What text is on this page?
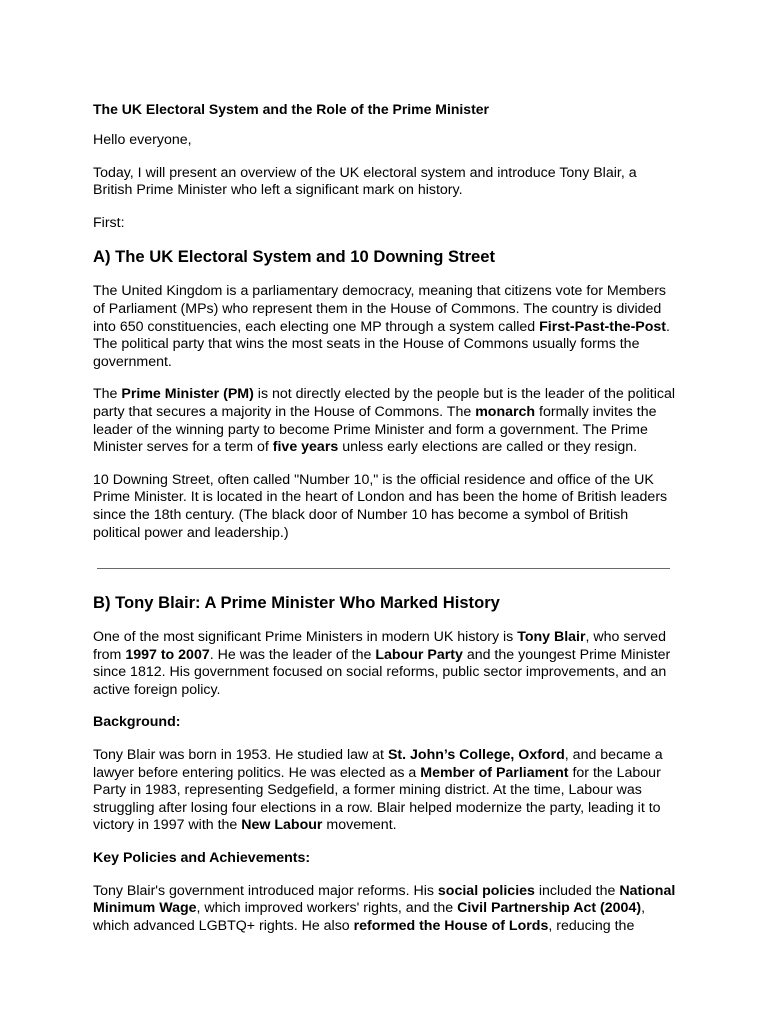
The UK Electoral System and the Role of the Prime Minister

Hello everyone,

Today, I will present an overview of the UK electoral system and introduce Tony Blair, a British Prime Minister who left a significant mark on history.

First:

A) The UK Electoral System and 10 Downing Street

The United Kingdom is a parliamentary democracy, meaning that citizens vote for Members of Parliament (MPs) who represent them in the House of Commons. The country is divided into 650 constituencies, each electing one MP through a system called First-Past-the-Post. The political party that wins the most seats in the House of Commons usually forms the government.

The Prime Minister (PM) is not directly elected by the people but is the leader of the political party that secures a majority in the House of Commons. The monarch formally invites the leader of the winning party to become Prime Minister and form a government. The Prime Minister serves for a term of five years unless early elections are called or they resign.

10 Downing Street, often called "Number 10," is the official residence and office of the UK Prime Minister. It is located in the heart of London and has been the home of British leaders since the 18th century. (The black door of Number 10 has become a symbol of British political power and leadership.)

B) Tony Blair: A Prime Minister Who Marked History

One of the most significant Prime Ministers in modern UK history is Tony Blair, who served from 1997 to 2007. He was the leader of the Labour Party and the youngest Prime Minister since 1812. His government focused on social reforms, public sector improvements, and an active foreign policy.

Background:

Tony Blair was born in 1953. He studied law at St. John’s College, Oxford, and became a lawyer before entering politics. He was elected as a Member of Parliament for the Labour Party in 1983, representing Sedgefield, a former mining district. At the time, Labour was struggling after losing four elections in a row. Blair helped modernize the party, leading it to victory in 1997 with the New Labour movement.

Key Policies and Achievements:

Tony Blair's government introduced major reforms. His social policies included the National Minimum Wage, which improved workers' rights, and the Civil Partnership Act (2004), which advanced LGBTQ+ rights. He also reformed the House of Lords, reducing the
